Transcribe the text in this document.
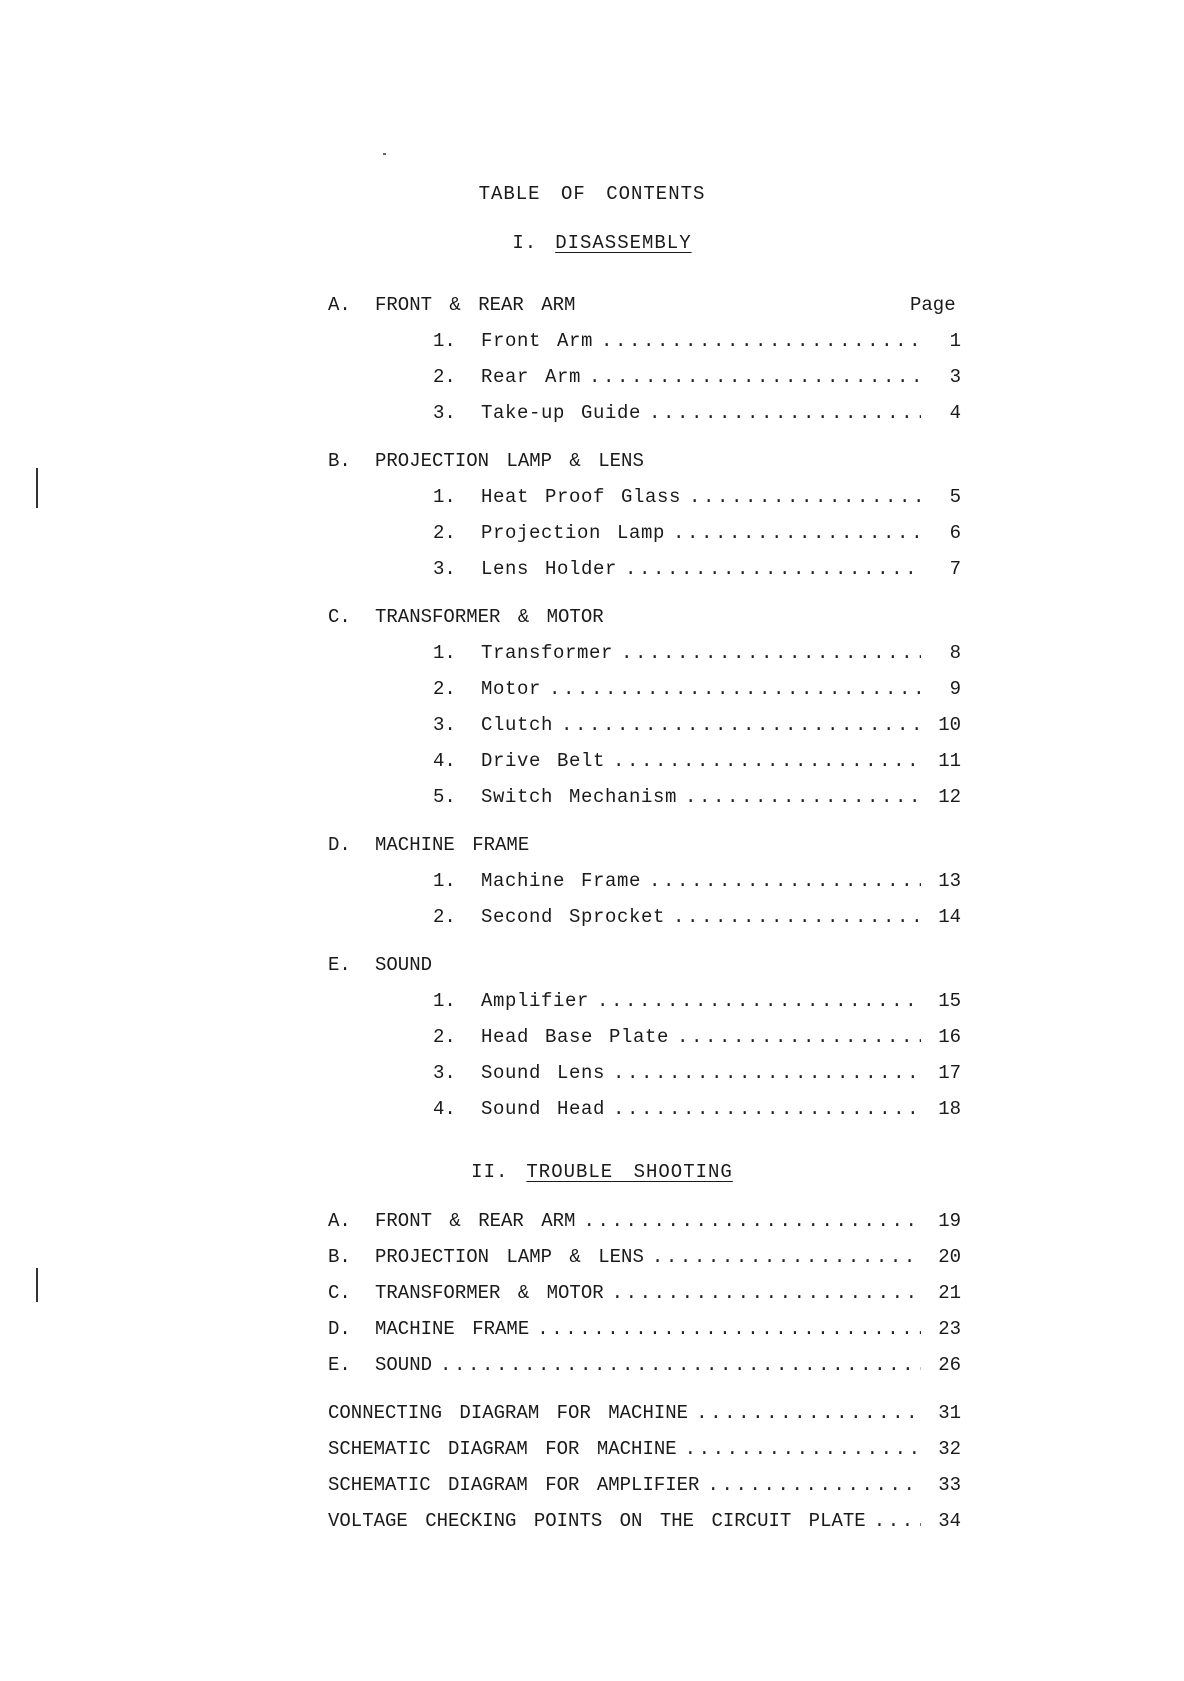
TABLE OF CONTENTS
I. DISASSEMBLY
A.	FRONT & REAR ARM	Page
1.	Front Arm .....	1
2.	Rear Arm .....	3
3.	Take-up Guide .....	4
B.	PROJECTION LAMP & LENS
1.	Heat Proof Glass .....	5
2.	Projection Lamp .....	6
3.	Lens Holder .....	7
C.	TRANSFORMER & MOTOR
1.	Transformer .....	8
2.	Motor .....	9
3.	Clutch .....	10
4.	Drive Belt .....	11
5.	Switch Mechanism .....	12
D.	MACHINE FRAME
1.	Machine Frame .....	13
2.	Second Sprocket .....	14
E.	SOUND
1.	Amplifier .....	15
2.	Head Base Plate .....	16
3.	Sound Lens .....	17
4.	Sound Head .....	18
II. TROUBLE SHOOTING
A.	FRONT & REAR ARM .....	19
B.	PROJECTION LAMP & LENS .....	20
C.	TRANSFORMER & MOTOR .....	21
D.	MACHINE FRAME .....	23
E.	SOUND .....	26
CONNECTING DIAGRAM FOR MACHINE .....	31
SCHEMATIC DIAGRAM FOR MACHINE .....	32
SCHEMATIC DIAGRAM FOR AMPLIFIER .....	33
VOLTAGE CHECKING POINTS ON THE CIRCUIT PLATE .....	34
